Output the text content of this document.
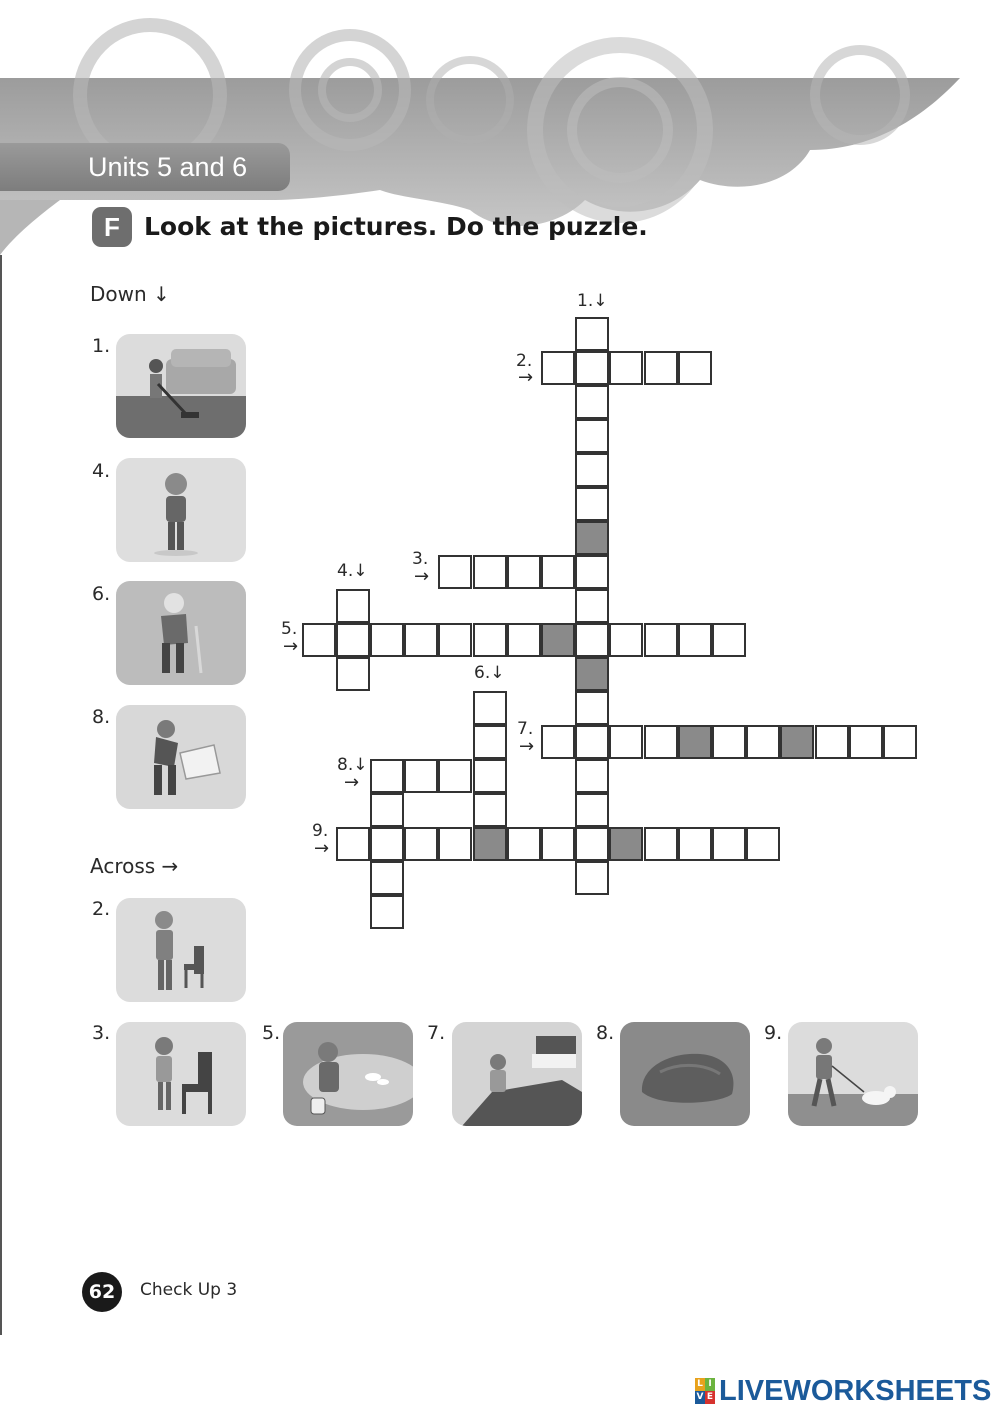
Units 5 and 6
F Look at the pictures. Do the puzzle.
Down ↓
1.
4.
6.
8.
Across →
2.
3.	5.	7.	8.	9.
1.↓
2.
→
3.
→
4.↓
5.
→
6.↓
7.
→
8.↓
→
9.
→
62	Check Up 3
L I
V E LIVEWORKSHEETS
